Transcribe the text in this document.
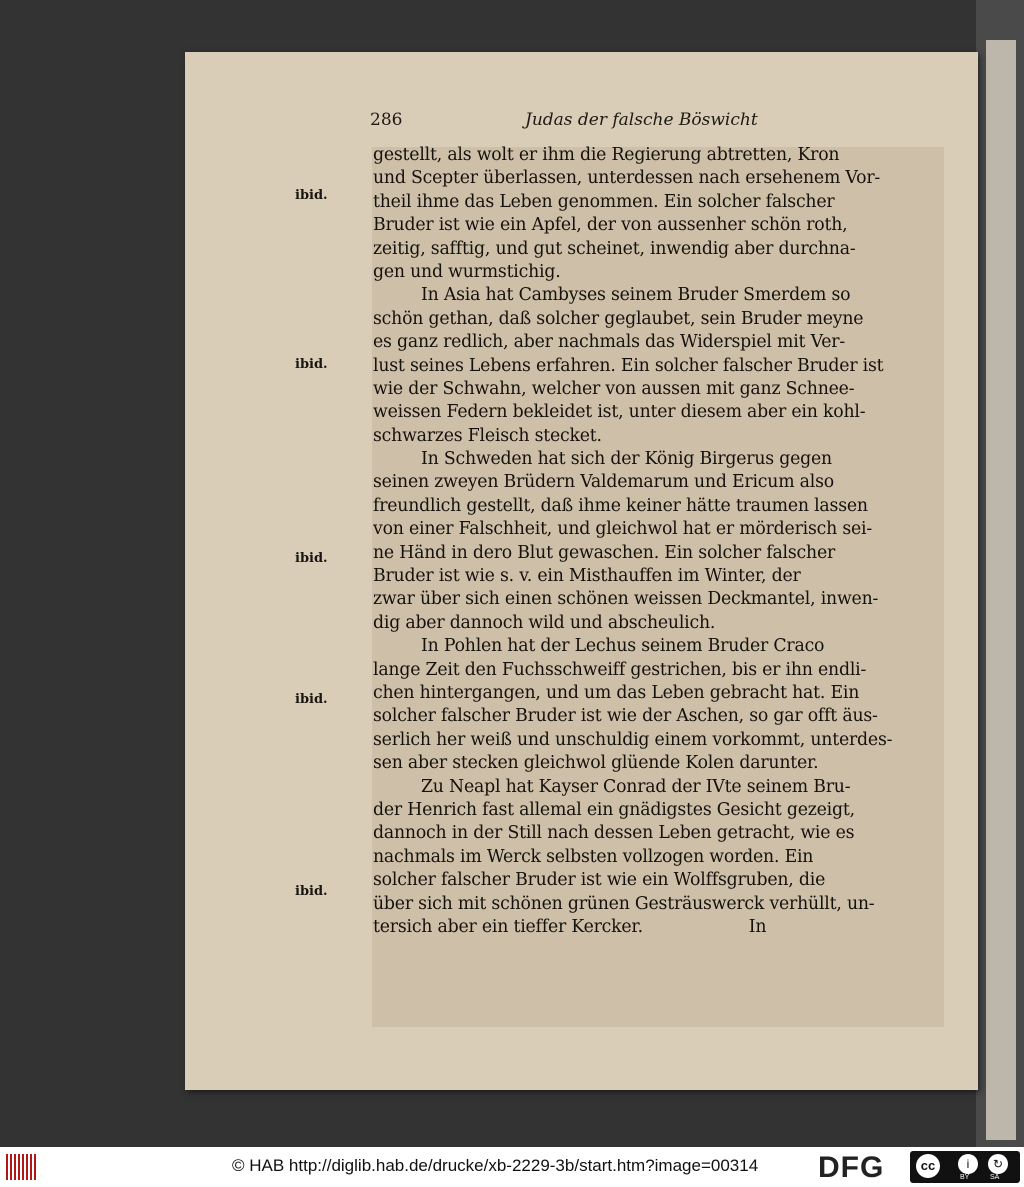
286	Judas der falsche Böswicht
ibid.
ibid.
ibid.
ibid.
ibid.
gestellt, als wolt er ihm die Regierung abtretten, Kron
und Scepter überlassen, unterdessen nach ersehenem Vor-
theil ihme das Leben genommen. Ein solcher falscher
Bruder ist wie ein Apfel, der von aussenher schön roth,
zeitig, safftig, und gut scheinet, inwendig aber durchna-
gen und wurmstichig.
In Asia hat Cambyses seinem Bruder Smerdem so
schön gethan, daß solcher geglaubet, sein Bruder meyne
es ganz redlich, aber nachmals das Widerspiel mit Ver-
lust seines Lebens erfahren. Ein solcher falscher Bruder ist
wie der Schwahn, welcher von aussen mit ganz Schnee-
weissen Federn bekleidet ist, unter diesem aber ein kohl-
schwarzes Fleisch stecket.
In Schweden hat sich der König Birgerus gegen
seinen zweyen Brüdern Valdemarum und Ericum also
freundlich gestellt, daß ihme keiner hätte traumen lassen
von einer Falschheit, und gleichwol hat er mörderisch sei-
ne Händ in dero Blut gewaschen. Ein solcher falscher
Bruder ist wie s. v. ein Misthauffen im Winter, der
zwar über sich einen schönen weissen Deckmantel, inwen-
dig aber dannoch wild und abscheulich.
In Pohlen hat der Lechus seinem Bruder Craco
lange Zeit den Fuchsschweiff gestrichen, bis er ihn endli-
chen hintergangen, und um das Leben gebracht hat. Ein
solcher falscher Bruder ist wie der Aschen, so gar offt äus-
serlich her weiß und unschuldig einem vorkommt, unterdes-
sen aber stecken gleichwol glüende Kolen darunter.
Zu Neapl hat Kayser Conrad der IVte seinem Bru-
der Henrich fast allemal ein gnädigstes Gesicht gezeigt,
dannoch in der Still nach dessen Leben getracht, wie es
nachmals im Werck selbsten vollzogen worden. Ein
solcher falscher Bruder ist wie ein Wolffsgruben, die
über sich mit schönen grünen Gesträuswerck verhüllt, un-
tersich aber ein tieffer Kercker.                    In
© HAB http://diglib.hab.de/drucke/xb-2229-3b/start.htm?image=00314 DFG	cc	i	↻
BY	SA
